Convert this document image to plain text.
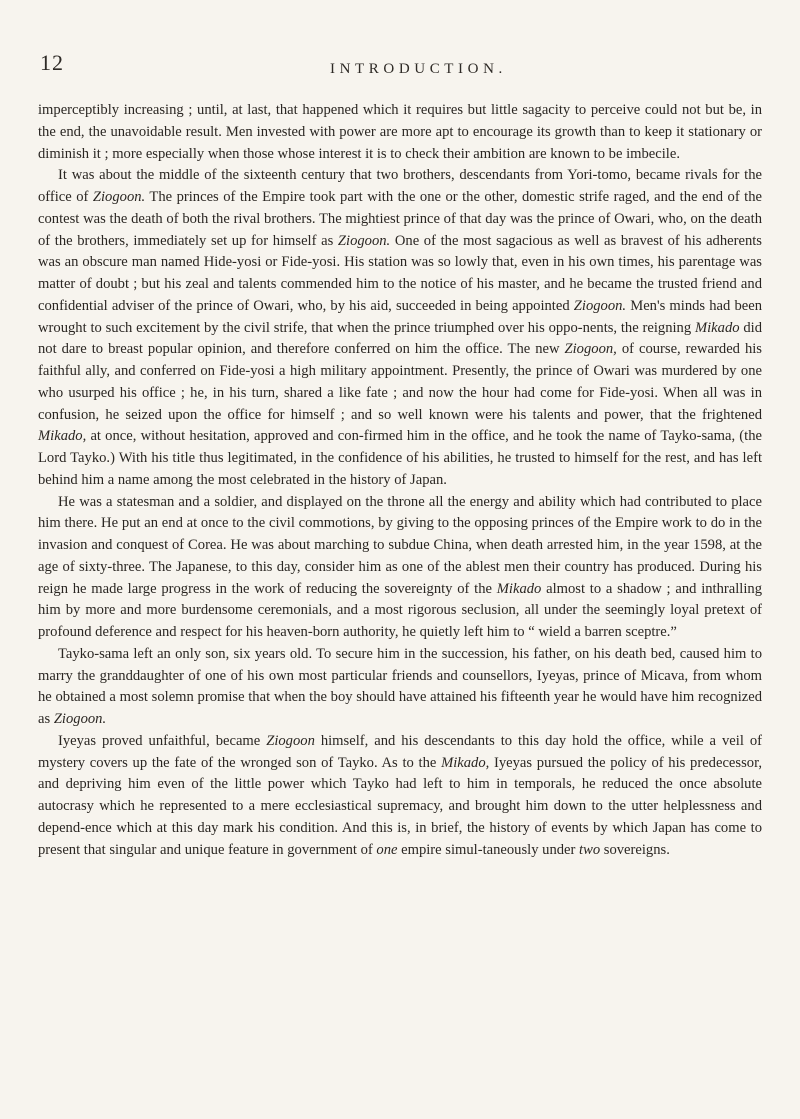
12	INTRODUCTION.

imperceptibly increasing ; until, at last, that happened which it requires but little sagacity to perceive could not but be, in the end, the unavoidable result. Men invested with power are more apt to encourage its growth than to keep it stationary or diminish it ; more especially when those whose interest it is to check their ambition are known to be imbecile.

It was about the middle of the sixteenth century that two brothers, descendants from Yori-tomo, became rivals for the office of Ziogoon. The princes of the Empire took part with the one or the other, domestic strife raged, and the end of the contest was the death of both the rival brothers. The mightiest prince of that day was the prince of Owari, who, on the death of the brothers, immediately set up for himself as Ziogoon. One of the most sagacious as well as bravest of his adherents was an obscure man named Hide-yosi or Fide-yosi. His station was so lowly that, even in his own times, his parentage was matter of doubt ; but his zeal and talents commended him to the notice of his master, and he became the trusted friend and confidential adviser of the prince of Owari, who, by his aid, succeeded in being appointed Ziogoon. Men's minds had been wrought to such excitement by the civil strife, that when the prince triumphed over his oppo-nents, the reigning Mikado did not dare to breast popular opinion, and therefore conferred on him the office. The new Ziogoon, of course, rewarded his faithful ally, and conferred on Fide-yosi a high military appointment. Presently, the prince of Owari was murdered by one who usurped his office ; he, in his turn, shared a like fate ; and now the hour had come for Fide-yosi. When all was in confusion, he seized upon the office for himself ; and so well known were his talents and power, that the frightened Mikado, at once, without hesitation, approved and con-firmed him in the office, and he took the name of Tayko-sama, (the Lord Tayko.) With his title thus legitimated, in the confidence of his abilities, he trusted to himself for the rest, and has left behind him a name among the most celebrated in the history of Japan.

He was a statesman and a soldier, and displayed on the throne all the energy and ability which had contributed to place him there. He put an end at once to the civil commotions, by giving to the opposing princes of the Empire work to do in the invasion and conquest of Corea. He was about marching to subdue China, when death arrested him, in the year 1598, at the age of sixty-three. The Japanese, to this day, consider him as one of the ablest men their country has produced. During his reign he made large progress in the work of reducing the sovereignty of the Mikado almost to a shadow ; and inthralling him by more and more burdensome ceremonials, and a most rigorous seclusion, all under the seemingly loyal pretext of profound deference and respect for his heaven-born authority, he quietly left him to “ wield a barren sceptre.”

Tayko-sama left an only son, six years old. To secure him in the succession, his father, on his death bed, caused him to marry the granddaughter of one of his own most particular friends and counsellors, Iyeyas, prince of Micava, from whom he obtained a most solemn promise that when the boy should have attained his fifteenth year he would have him recognized as Ziogoon.

Iyeyas proved unfaithful, became Ziogoon himself, and his descendants to this day hold the office, while a veil of mystery covers up the fate of the wronged son of Tayko. As to the Mikado, Iyeyas pursued the policy of his predecessor, and depriving him even of the little power which Tayko had left to him in temporals, he reduced the once absolute autocrasy which he represented to a mere ecclesiastical supremacy, and brought him down to the utter helplessness and depend-ence which at this day mark his condition. And this is, in brief, the history of events by which Japan has come to present that singular and unique feature in government of one empire simul-taneously under two sovereigns.
